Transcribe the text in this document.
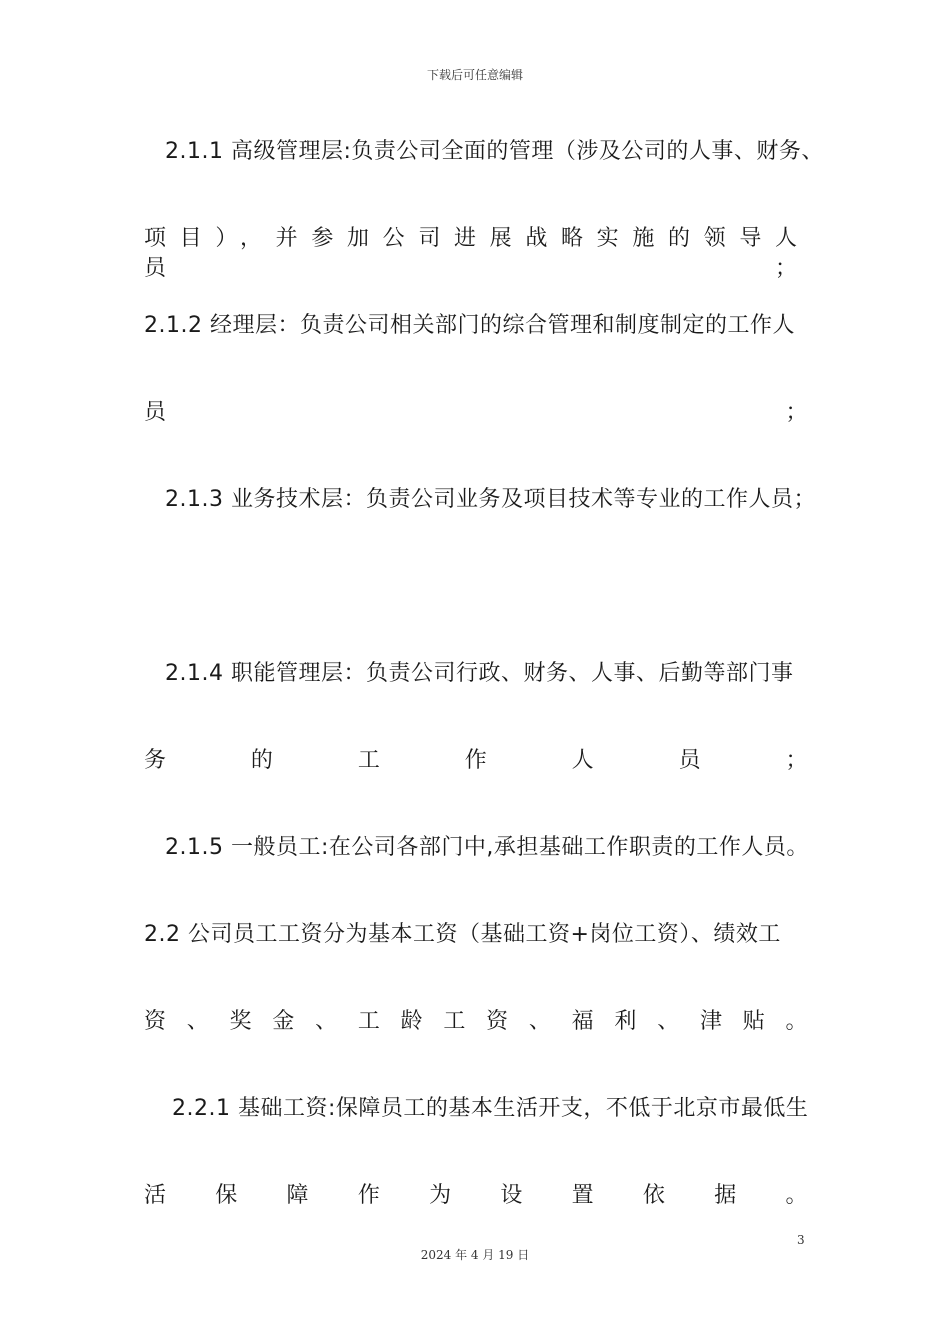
下载后可任意编辑
2.1.1 高级管理层:负责公司全面的管理（涉及公司的人事、财务、
项目），并参加公司进展战略实施的领导人员；
2.1.2 经理层：负责公司相关部门的综合管理和制度制定的工作人
员；
2.1.3 业务技术层：负责公司业务及项目技术等专业的工作人员；
2.1.4 职能管理层：负责公司行政、财务、人事、后勤等部门事
务的工作人员；
2.1.5 一般员工:在公司各部门中,承担基础工作职责的工作人员。
2.2 公司员工工资分为基本工资（基础工资+岗位工资）、绩效工
资、奖金、工龄工资、福利、津贴。
2.2.1 基础工资:保障员工的基本生活开支，不低于北京市最低生
活保障作为设置依据。
3
2024 年 4 月 19 日
